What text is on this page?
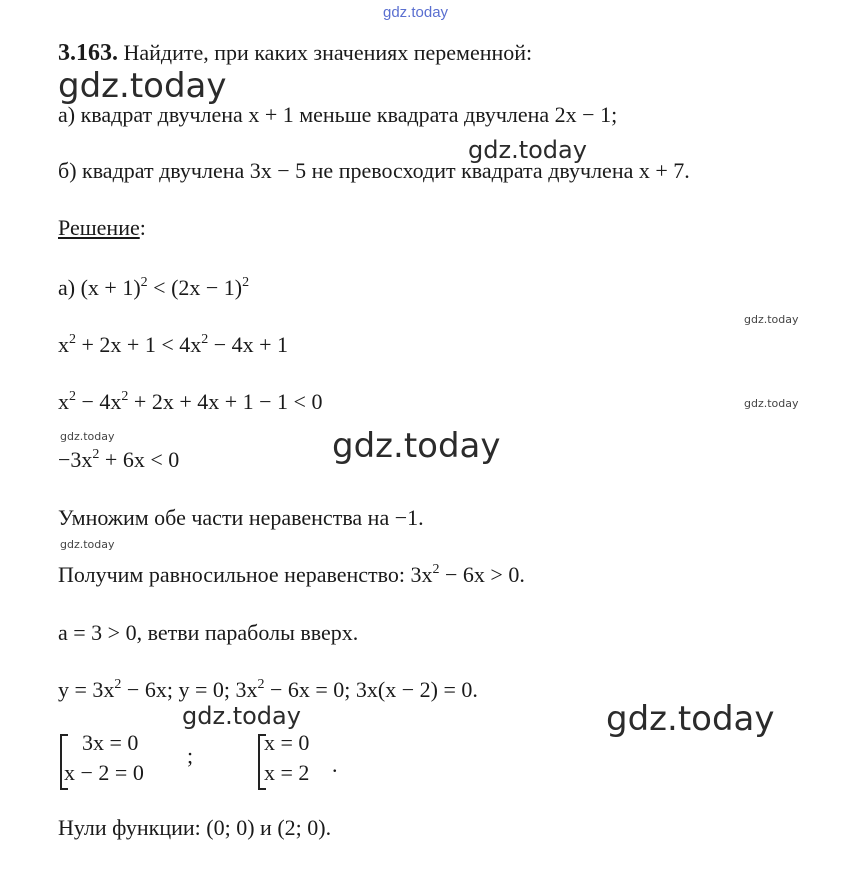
gdz.today
gdz.today
gdz.today
gdz.today
gdz.today
gdz.today	gdz.today
gdz.today
gdz.today	gdz.today
3.163. Найдите, при каких значениях переменной:
а) квадрат двучлена x + 1 меньше квадрата двучлена 2x − 1;
б) квадрат двучлена 3x − 5 не превосходит квадрата двучлена x + 7.
Решение:
а) $(x + 1)^2 < (2x - 1)^2$
$x^2 + 2x + 1 < 4x^2 - 4x + 1$
$x^2 - 4x^2 + 2x + 4x + 1 - 1 < 0$
$-3x^2 + 6x < 0$
Умножим обе части неравенства на −1.
Получим равносильное неравенство: $3x^2 - 6x > 0$.
a = 3 > 0, ветви параболы вверх.
$y = 3x^2 - 6x$; y = 0; $3x^2 - 6x = 0$; 3x(x − 2) = 0.
3x = 0
x − 2 = 0
;
x = 0
x = 2 .
Нули функции: (0; 0) и (2; 0).
